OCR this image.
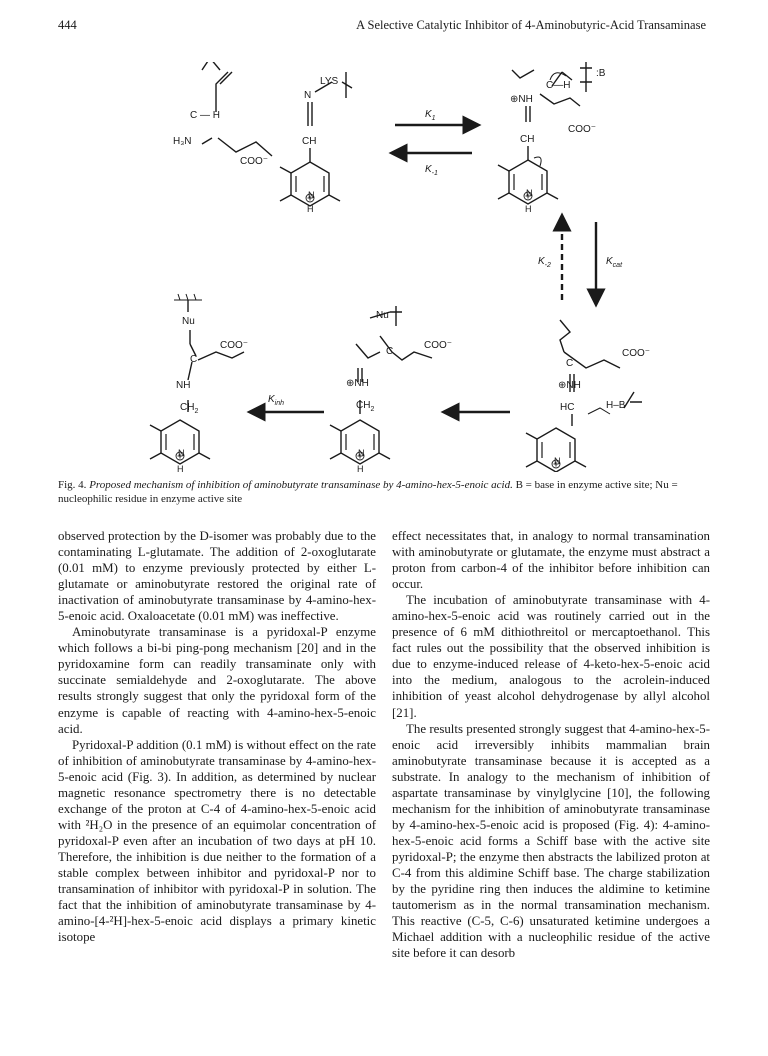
444	A Selective Catalytic Inhibitor of 4-Aminobutyric-Acid Transaminase
C — H
H₃N
COO⁻
N
LYS
CH
N
H
$K_1$
$K_{-1}$
⊕NH
C—H
:B
COO⁻
CH
N
H
$K_{-2}$	$K_{cat}$
C
COO⁻
⊕NH
HC	H–B
N
Nu
C
COO⁻
⊕NH
$CH_2$
N
H
$K_{inh}$
Nu
C
COO⁻
NH
$CH_2$
N
H
Fig. 4. Proposed mechanism of inhibition of aminobutyrate transaminase by 4-amino-hex-5-enoic acid. B = base in enzyme active site; Nu = nucleophilic residue in enzyme active site

observed protection by the D-isomer was probably due to the contaminating L-glutamate. The addition of 2-oxoglutarate (0.01 mM) to enzyme previously protected by either L-glutamate or aminobutyrate restored the original rate of inactivation of aminobutyrate transaminase by 4-amino-hex-5-enoic acid. Oxaloacetate (0.01 mM) was ineffective.

Aminobutyrate transaminase is a pyridoxal-P enzyme which follows a bi-bi ping-pong mechanism [20] and in the pyridoxamine form can readily transaminate only with succinate semialdehyde and 2-oxoglutarate. The above results strongly suggest that only the pyridoxal form of the enzyme is capable of reacting with 4-amino-hex-5-enoic acid.

Pyridoxal-P addition (0.1 mM) is without effect on the rate of inhibition of aminobutyrate transaminase by 4-amino-hex-5-enoic acid (Fig. 3). In addition, as determined by nuclear magnetic resonance spectrometry there is no detectable exchange of the proton at C-4 of 4-amino-hex-5-enoic acid with ²H₂O in the presence of an equimolar concentration of pyridoxal-P even after an incubation of two days at pH 10. Therefore, the inhibition is due neither to the formation of a stable complex between inhibitor and pyridoxal-P nor to transamination of inhibitor with pyridoxal-P in solution. The fact that the inhibition of aminobutyrate transaminase by 4-amino-[4-²H]-hex-5-enoic acid displays a primary kinetic isotope

effect necessitates that, in analogy to normal transamination with aminobutyrate or glutamate, the enzyme must abstract a proton from carbon-4 of the inhibitor before inhibition can occur.

The incubation of aminobutyrate transaminase with 4-amino-hex-5-enoic acid was routinely carried out in the presence of 6 mM dithiothreitol or mercaptoethanol. This fact rules out the possibility that the observed inhibition is due to enzyme-induced release of 4-keto-hex-5-enoic acid into the medium, analogous to the acrolein-induced inhibition of yeast alcohol dehydrogenase by allyl alcohol [21].

The results presented strongly suggest that 4-amino-hex-5-enoic acid irreversibly inhibits mammalian brain aminobutyrate transaminase because it is accepted as a substrate. In analogy to the mechanism of inhibition of aspartate transaminase by vinylglycine [10], the following mechanism for the inhibition of aminobutyrate transaminase by 4-amino-hex-5-enoic acid is proposed (Fig. 4): 4-amino-hex-5-enoic acid forms a Schiff base with the active site pyridoxal-P; the enzyme then abstracts the labilized proton at C-4 from this aldimine Schiff base. The charge stabilization by the pyridine ring then induces the aldimine to ketimine tautomerism as in the normal transamination mechanism. This reactive (C-5, C-6) unsaturated ketimine undergoes a Michael addition with a nucleophilic residue of the active site before it can desorb
